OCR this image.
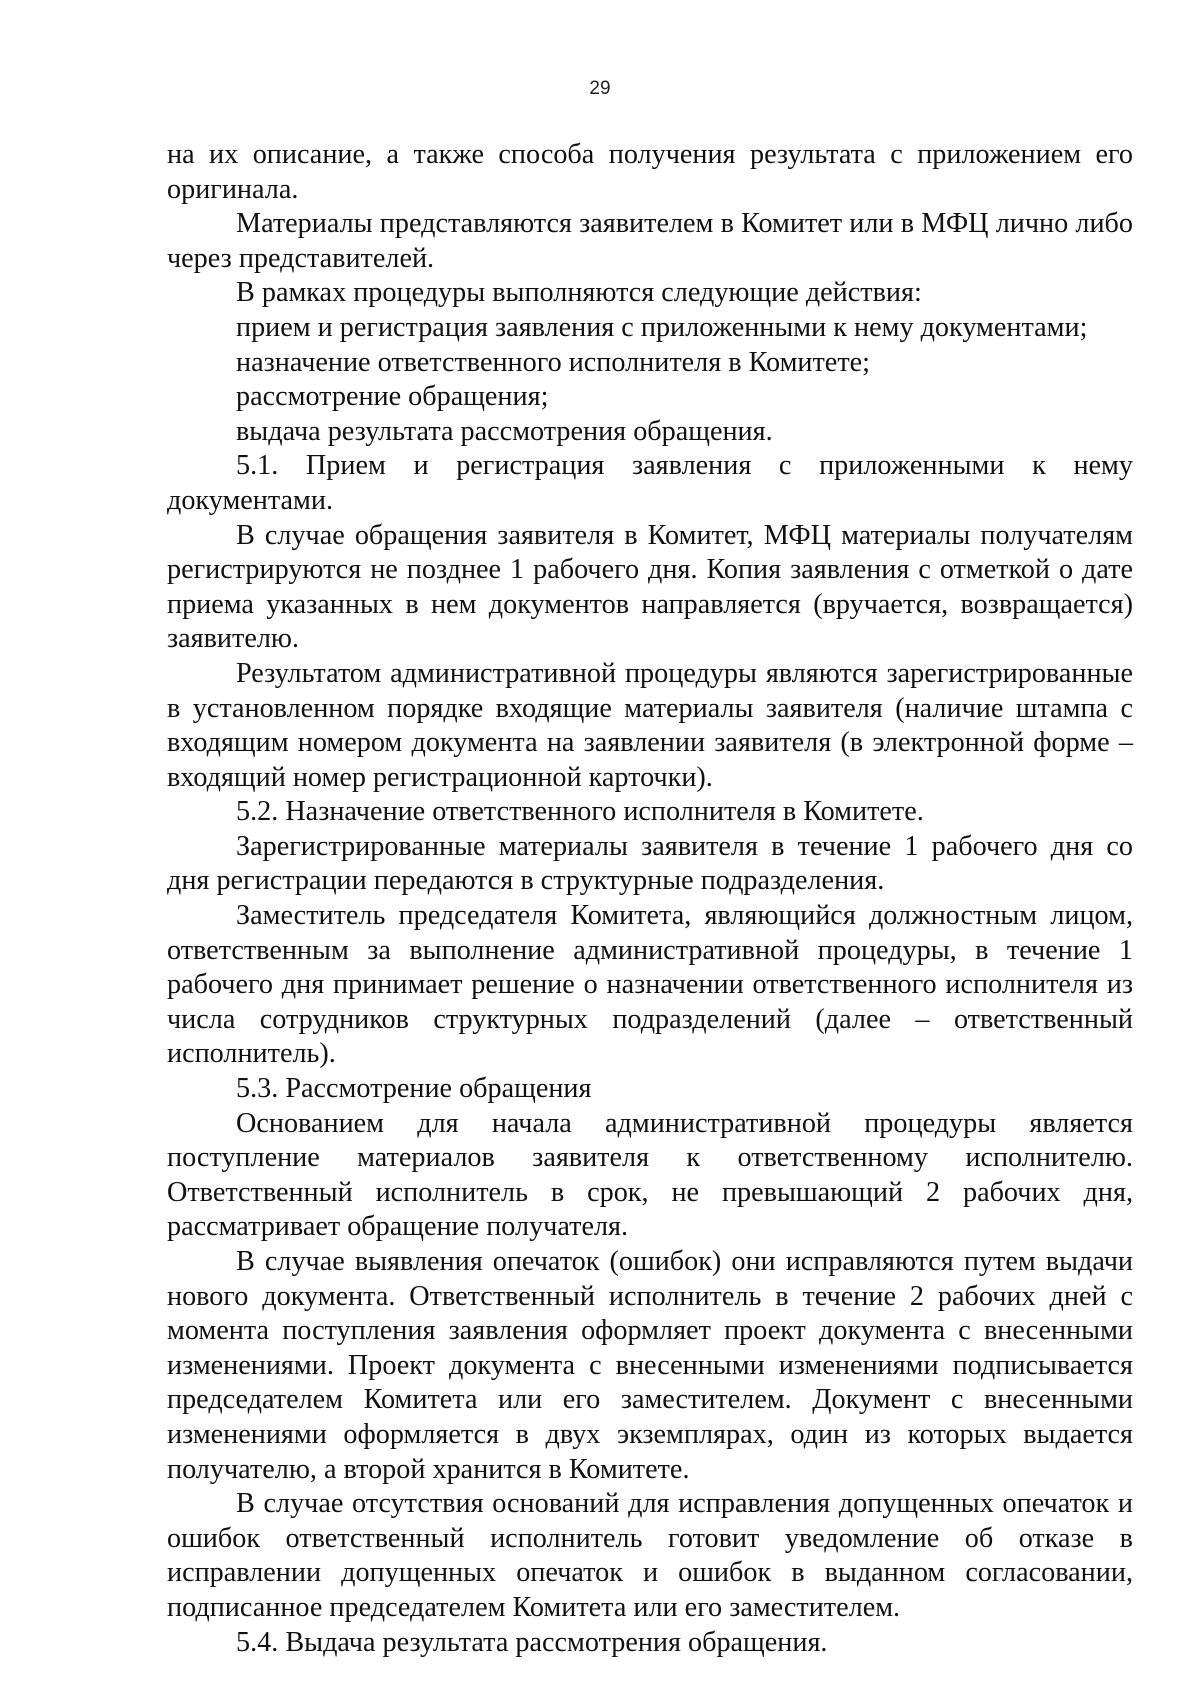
29

на их описание, а также способа получения результата с приложением его оригинала.

Материалы представляются заявителем в Комитет или в МФЦ лично либо через представителей.

В рамках процедуры выполняются следующие действия:

прием и регистрация заявления с приложенными к нему документами;

назначение ответственного исполнителя в Комитете;

рассмотрение обращения;

выдача результата рассмотрения обращения.

5.1. Прием и регистрация заявления с приложенными к нему документами.

В случае обращения заявителя в Комитет, МФЦ материалы получателям регистрируются не позднее 1 рабочего дня. Копия заявления с отметкой о дате приема указанных в нем документов направляется (вручается, возвращается) заявителю.

Результатом административной процедуры являются зарегистрированные в установленном порядке входящие материалы заявителя (наличие штампа с входящим номером документа на заявлении заявителя (в электронной форме – входящий номер регистрационной карточки).

5.2. Назначение ответственного исполнителя в Комитете.

Зарегистрированные материалы заявителя в течение 1 рабочего дня со дня регистрации передаются в структурные подразделения.

Заместитель председателя Комитета, являющийся должностным лицом, ответственным за выполнение административной процедуры, в течение 1 рабочего дня принимает решение о назначении ответственного исполнителя из числа сотрудников структурных подразделений (далее – ответственный исполнитель).

5.3. Рассмотрение обращения

Основанием для начала административной процедуры является поступление материалов заявителя к ответственному исполнителю. Ответственный исполнитель в срок, не превышающий 2 рабочих дня, рассматривает обращение получателя.

В случае выявления опечаток (ошибок) они исправляются путем выдачи нового документа. Ответственный исполнитель в течение 2 рабочих дней с момента поступления заявления оформляет проект документа с внесенными изменениями. Проект документа с внесенными изменениями подписывается председателем Комитета или его заместителем. Документ с внесенными изменениями оформляется в двух экземплярах, один из которых выдается получателю, а второй хранится в Комитете.

В случае отсутствия оснований для исправления допущенных опечаток и ошибок ответственный исполнитель готовит уведомление об отказе в исправлении допущенных опечаток и ошибок в выданном согласовании, подписанное председателем Комитета или его заместителем.

5.4. Выдача результата рассмотрения обращения.
